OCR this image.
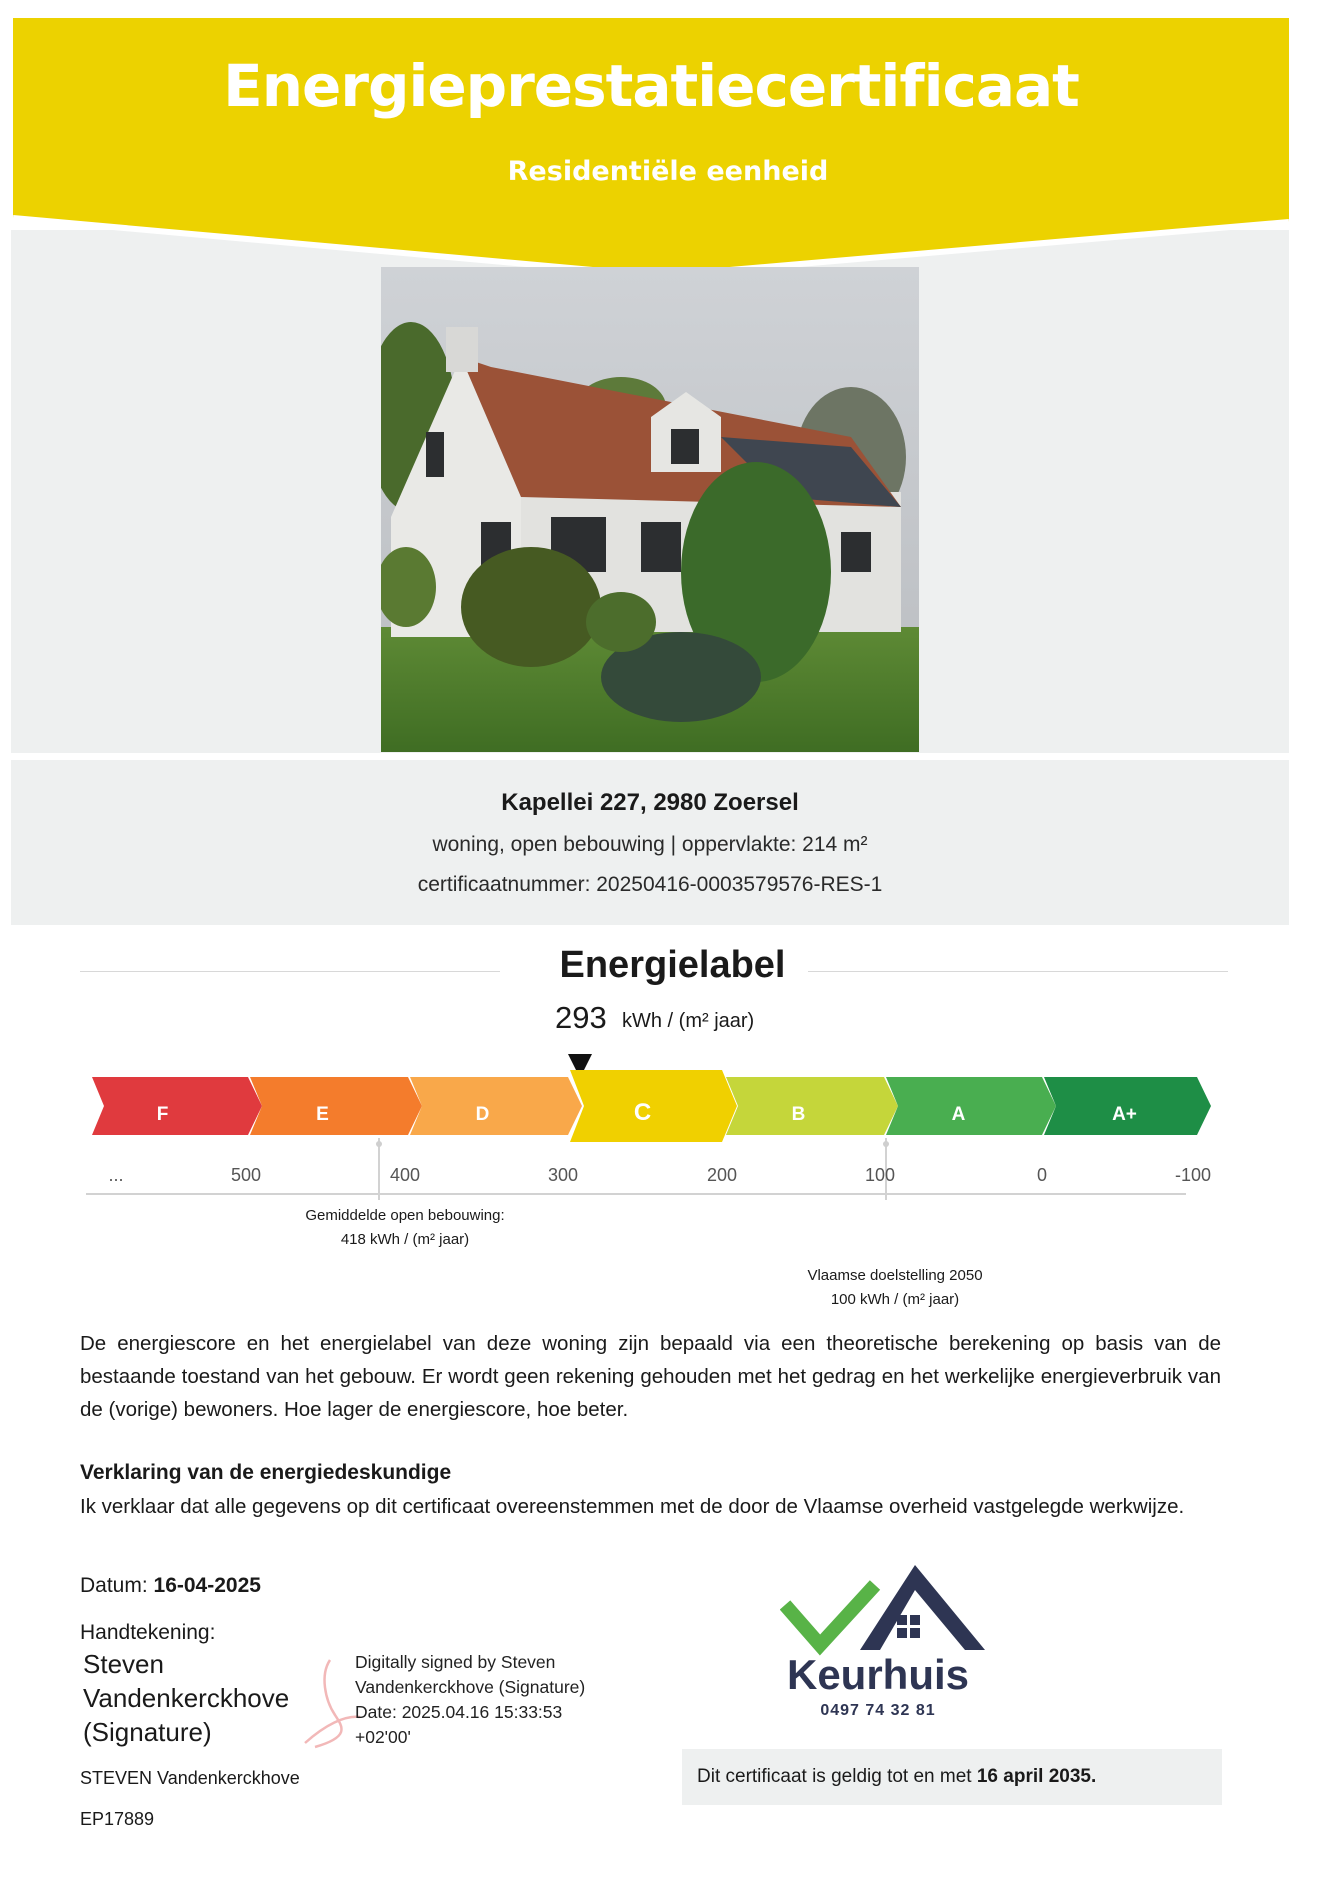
Energieprestatiecertificaat
Residentiële eenheid
Kapellei 227, 2980 Zoersel
woning, open bebouwing | oppervlakte: 214 m²
certificaatnummer: 20250416-0003579576-RES-1
Energielabel
293 kWh / (m² jaar)
F	E	D	C	B	A	A+
...	500	400	300	200	100	0	-100
Gemiddelde open bebouwing:
418 kWh / (m² jaar)
Vlaamse doelstelling 2050
100 kWh / (m² jaar)
De energiescore en het energielabel van deze woning zijn bepaald via een theoretische berekening op basis van de bestaande toestand van het gebouw. Er wordt geen rekening gehouden met het gedrag en het werkelijke energieverbruik van de (vorige) bewoners. Hoe lager de energiescore, hoe beter.
Verklaring van de energiedeskundige
Ik verklaar dat alle gegevens op dit certificaat overeenstemmen met de door de Vlaamse overheid vastgelegde werkwijze.
Datum: 16-04-2025
Handtekening:
Steven
Vandenkerckhove
(Signature)
Digitally signed by Steven
Vandenkerckhove (Signature)
Date: 2025.04.16 15:33:53
+02'00'
STEVEN Vandenkerckhove
EP17889
Keurhuis
0497 74 32 81
Dit certificaat is geldig tot en met 16 april 2035.
